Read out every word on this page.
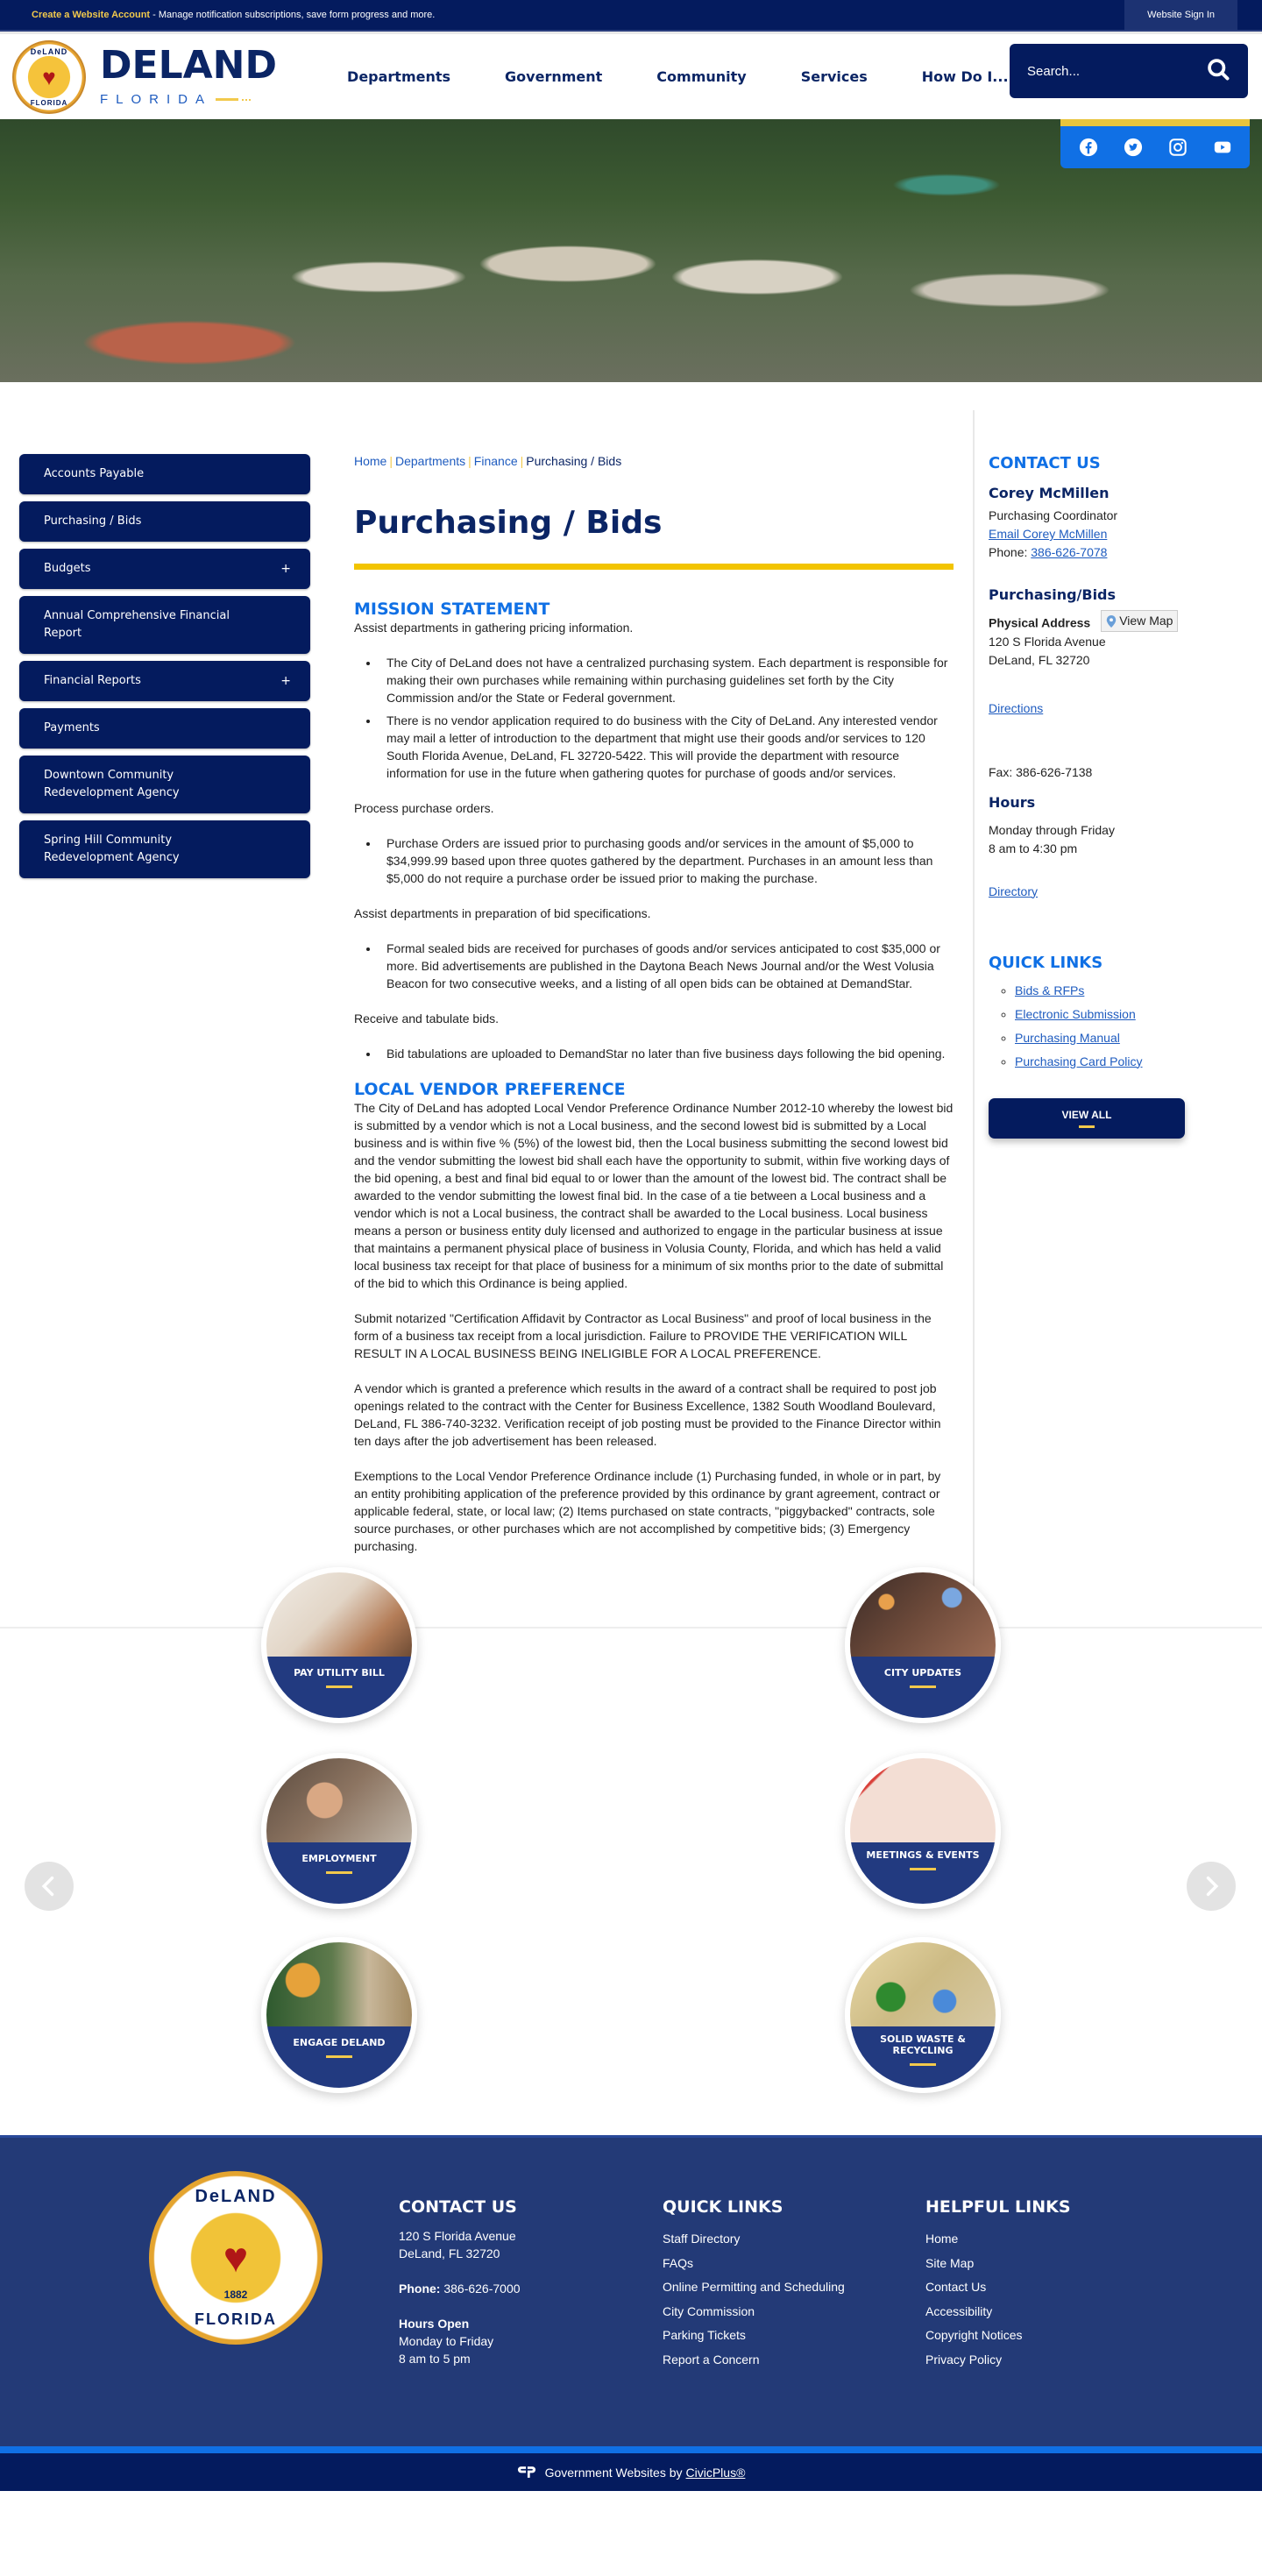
Create a Website Account - Manage notification subscriptions, save form progress and more.	Website Sign In
DeLAND
♥
FLORIDA
DELAND
FLORIDA
Departments	Government	Community	Services	How Do I...
Search...
Accounts Payable
Purchasing / Bids
Budgets	+
Annual Comprehensive Financial Report
Financial Reports	+
Payments
Downtown Community Redevelopment Agency
Spring Hill Community Redevelopment Agency
Home | Departments | Finance | Purchasing / Bids
Purchasing / Bids
MISSION STATEMENT

Assist departments in gathering pricing information.

• The City of DeLand does not have a centralized purchasing system. Each department is responsible for making their own purchases while remaining within purchasing guidelines set forth by the City Commission and/or the State or Federal government.
• There is no vendor application required to do business with the City of DeLand. Any interested vendor may mail a letter of introduction to the department that might use their goods and/or services to 120 South Florida Avenue, DeLand, FL 32720-5422. This will provide the department with resource information for use in the future when gathering quotes for purchase of goods and/or services.

Process purchase orders.

• Purchase Orders are issued prior to purchasing goods and/or services in the amount of $5,000 to $34,999.99 based upon three quotes gathered by the department. Purchases in an amount less than $5,000 do not require a purchase order be issued prior to making the purchase.

Assist departments in preparation of bid specifications.

• Formal sealed bids are received for purchases of goods and/or services anticipated to cost $35,000 or more. Bid advertisements are published in the Daytona Beach News Journal and/or the West Volusia Beacon for two consecutive weeks, and a listing of all open bids can be obtained at DemandStar.

Receive and tabulate bids.

• Bid tabulations are uploaded to DemandStar no later than five business days following the bid opening.
LOCAL VENDOR PREFERENCE

The City of DeLand has adopted Local Vendor Preference Ordinance Number 2012-10 whereby the lowest bid is submitted by a vendor which is not a Local business, and the second lowest bid is submitted by a Local business and is within five % (5%) of the lowest bid, then the Local business submitting the second lowest bid and the vendor submitting the lowest bid shall each have the opportunity to submit, within five working days of the bid opening, a best and final bid equal to or lower than the amount of the lowest bid. The contract shall be awarded to the vendor submitting the lowest final bid. In the case of a tie between a Local business and a vendor which is not a Local business, the contract shall be awarded to the Local business. Local business means a person or business entity duly licensed and authorized to engage in the particular business at issue that maintains a permanent physical place of business in Volusia County, Florida, and which has held a valid local business tax receipt for that place of business for a minimum of six months prior to the date of submittal of the bid to which this Ordinance is being applied.

Submit notarized "Certification Affidavit by Contractor as Local Business" and proof of local business in the form of a business tax receipt from a local jurisdiction. Failure to PROVIDE THE VERIFICATION WILL RESULT IN A LOCAL BUSINESS BEING INELIGIBLE FOR A LOCAL PREFERENCE.

A vendor which is granted a preference which results in the award of a contract shall be required to post job openings related to the contract with the Center for Business Excellence, 1382 South Woodland Boulevard, DeLand, FL 386-740-3232. Verification receipt of job posting must be provided to the Finance Director within ten days after the job advertisement has been released.

Exemptions to the Local Vendor Preference Ordinance include (1) Purchasing funded, in whole or in part, by an entity prohibiting application of the preference provided by this ordinance by grant agreement, contract or applicable federal, state, or local law; (2) Items purchased on state contracts, "piggybacked" contracts, sole source purchases, or other purchases which are not accomplished by competitive bids; (3) Emergency purchasing.

CONTACT US
Corey McMillen

Purchasing Coordinator

Email Corey McMillen

Phone: 386-626-7078

Purchasing/Bids

Physical Address View Map

120 S Florida Avenue

DeLand, FL 32720

Directions

Fax: 386-626-7138

Hours

Monday through Friday

8 am to 4:30 pm

Directory

QUICK LINKS
◦ Bids & RFPs
◦ Electronic Submission
◦ Purchasing Manual
◦ Purchasing Card Policy
VIEW ALL
PAY UTILITY BILL	CITY UPDATES
EMPLOYMENT	MEETINGS & EVENTS
ENGAGE DELAND	SOLID WASTE & RECYCLING
DeLAND
♥
1882
FLORIDA
CONTACT US
120 S Florida Avenue
DeLand, FL 32720
Phone: 386-626-7000
Hours Open
Monday to Friday
8 am to 5 pm
QUICK LINKS
Staff Directory
FAQs
Online Permitting and Scheduling
City Commission
Parking Tickets
Report a Concern
HELPFUL LINKS
Home
Site Map
Contact Us
Accessibility
Copyright Notices
Privacy Policy
Government Websites by CivicPlus®
